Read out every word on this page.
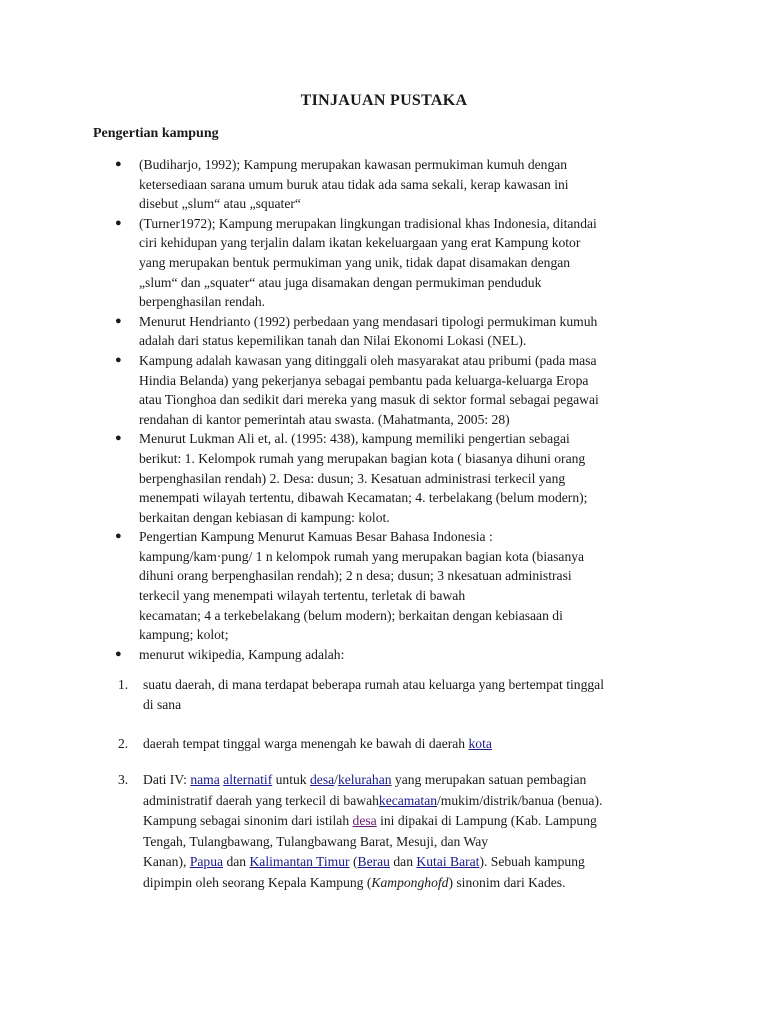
TINJAUAN PUSTAKA
Pengertian kampung
● (Budiharjo, 1992); Kampung merupakan kawasan permukiman kumuh dengan
ketersediaan sarana umum buruk atau tidak ada sama sekali, kerap kawasan ini
disebut „slum“ atau „squater“
● (Turner1972); Kampung merupakan lingkungan tradisional khas Indonesia, ditandai
ciri kehidupan yang terjalin dalam ikatan kekeluargaan yang erat Kampung kotor
yang merupakan bentuk permukiman yang unik, tidak dapat disamakan dengan
„slum“ dan „squater“ atau juga disamakan dengan permukiman penduduk
berpenghasilan rendah.
● Menurut Hendrianto (1992) perbedaan yang mendasari tipologi permukiman kumuh
adalah dari status kepemilikan tanah dan Nilai Ekonomi Lokasi (NEL).
● Kampung adalah kawasan yang ditinggali oleh masyarakat atau pribumi (pada masa
Hindia Belanda) yang pekerjanya sebagai pembantu pada keluarga-keluarga Eropa
atau Tionghoa dan sedikit dari mereka yang masuk di sektor formal sebagai pegawai
rendahan di kantor pemerintah atau swasta. (Mahatmanta, 2005: 28)
● Menurut Lukman Ali et, al. (1995: 438), kampung memiliki pengertian sebagai
berikut: 1. Kelompok rumah yang merupakan bagian kota ( biasanya dihuni orang
berpenghasilan rendah) 2. Desa: dusun; 3. Kesatuan administrasi terkecil yang
menempati wilayah tertentu, dibawah Kecamatan; 4. terbelakang (belum modern);
berkaitan dengan kebiasan di kampung: kolot.
● Pengertian Kampung Menurut Kamuas Besar Bahasa Indonesia :
kampung/kam·pung/ 1 n kelompok rumah yang merupakan bagian kota (biasanya
dihuni orang berpenghasilan rendah); 2 n desa; dusun; 3 nkesatuan administrasi
terkecil yang menempati wilayah tertentu, terletak di bawah
kecamatan; 4 a terkebelakang (belum modern); berkaitan dengan kebiasaan di
kampung; kolot;
● menurut wikipedia, Kampung adalah:
1. suatu daerah, di mana terdapat beberapa rumah atau keluarga yang bertempat tinggal
di sana
2. daerah tempat tinggal warga menengah ke bawah di daerah kota
3. Dati IV: nama alternatif untuk desa/kelurahan yang merupakan satuan pembagian
administratif daerah yang terkecil di bawahkecamatan/mukim/distrik/banua (benua).
Kampung sebagai sinonim dari istilah desa ini dipakai di Lampung (Kab. Lampung
Tengah, Tulangbawang, Tulangbawang Barat, Mesuji, dan Way
Kanan), Papua dan Kalimantan Timur (Berau dan Kutai Barat). Sebuah kampung
dipimpin oleh seorang Kepala Kampung (Kamponghofd) sinonim dari Kades.
